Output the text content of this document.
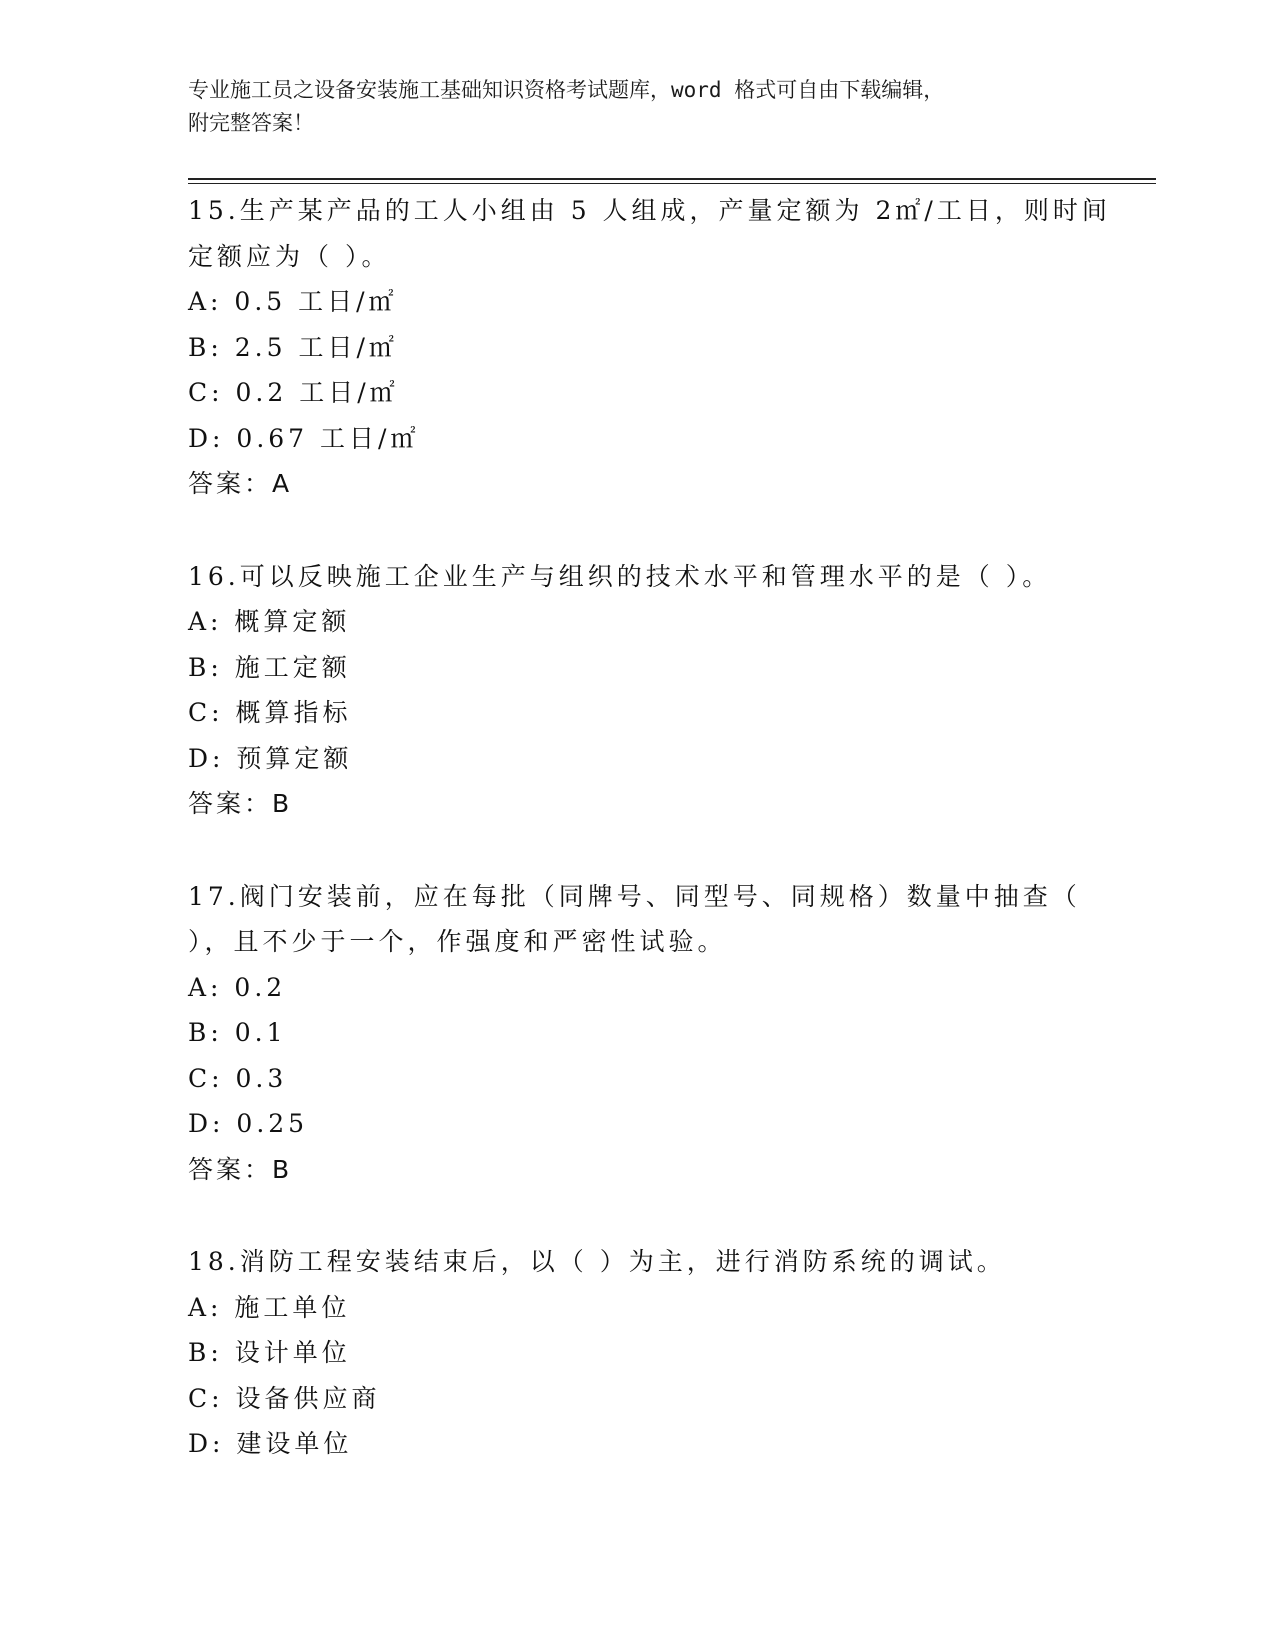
专业施工员之设备安装施工基础知识资格考试题库，word 格式可自由下载编辑，
附完整答案！
15.生产某产品的工人小组由 5 人组成，产量定额为 2㎡/工日，则时间
定额应为（ ）。
A: 0.5 工日/㎡
B: 2.5 工日/㎡
C: 0.2 工日/㎡
D: 0.67 工日/㎡
答案：A
16.可以反映施工企业生产与组织的技术水平和管理水平的是（ ）。
A: 概算定额
B: 施工定额
C: 概算指标
D: 预算定额
答案：B
17.阀门安装前，应在每批（同牌号、同型号、同规格）数量中抽查（
），且不少于一个，作强度和严密性试验。
A: 0.2
B: 0.1
C: 0.3
D: 0.25
答案：B
18.消防工程安装结束后，以（ ）为主，进行消防系统的调试。
A: 施工单位
B: 设计单位
C: 设备供应商
D: 建设单位
